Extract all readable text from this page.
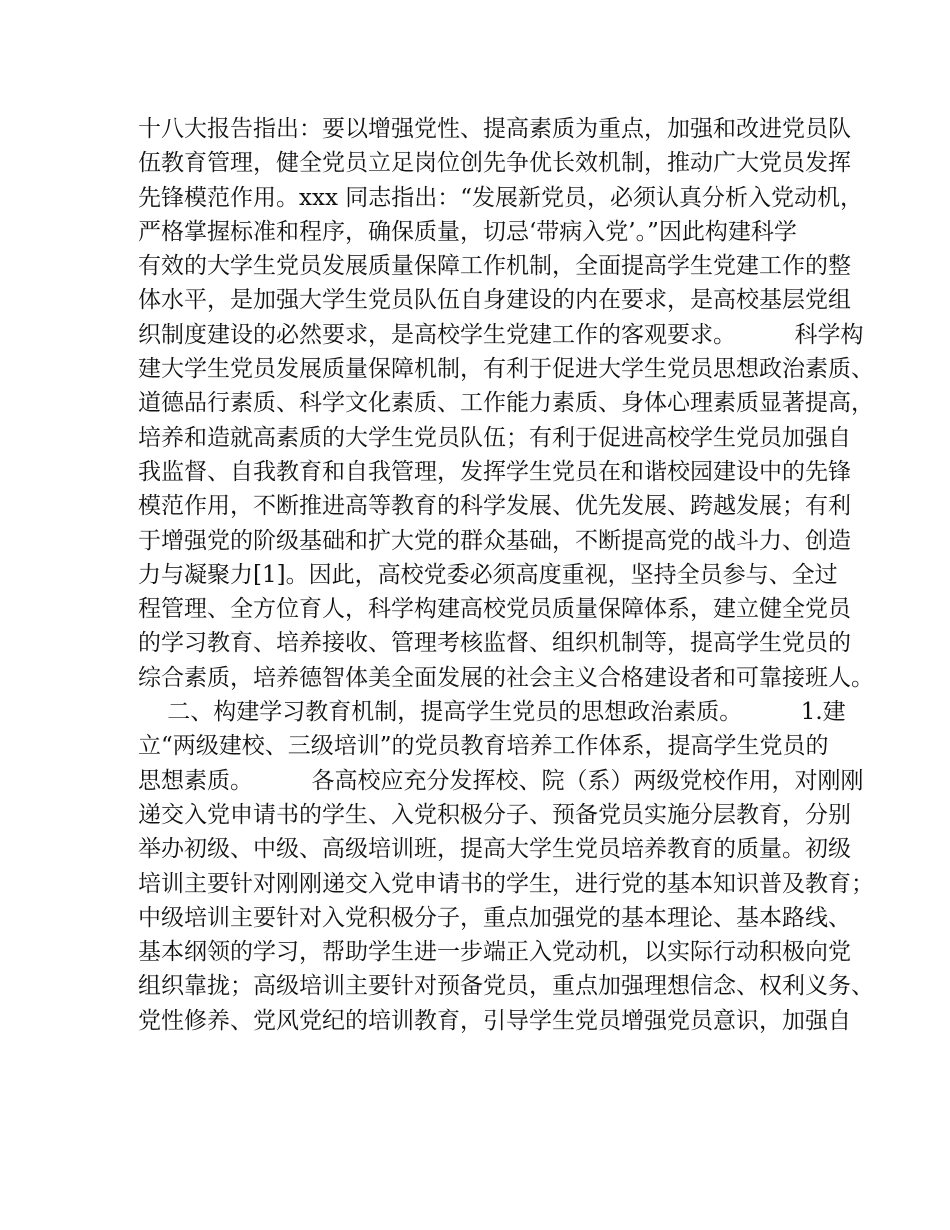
十八大报告指出：要以增强党性、提高素质为重点，加强和改进党员队
伍教育管理，健全党员立足岗位创先争优长效机制，推动广大党员发挥
先锋模范作用。xxx 同志指出：“发展新党员，必须认真分析入党动机，
严格掌握标准和程序，确保质量，切忌‘带病入党’。”因此构建科学
有效的大学生党员发展质量保障工作机制，全面提高学生党建工作的整
体水平，是加强大学生党员队伍自身建设的内在要求，是高校基层党组
织制度建设的必然要求，是高校学生党建工作的客观要求。        科学构
建大学生党员发展质量保障机制，有利于促进大学生党员思想政治素质、
道德品行素质、科学文化素质、工作能力素质、身体心理素质显著提高，
培养和造就高素质的大学生党员队伍；有利于促进高校学生党员加强自
我监督、自我教育和自我管理，发挥学生党员在和谐校园建设中的先锋
模范作用，不断推进高等教育的科学发展、优先发展、跨越发展；有利
于增强党的阶级基础和扩大党的群众基础，不断提高党的战斗力、创造
力与凝聚力[1]。因此，高校党委必须高度重视，坚持全员参与、全过
程管理、全方位育人，科学构建高校党员质量保障体系，建立健全党员
的学习教育、培养接收、管理考核监督、组织机制等，提高学生党员的
综合素质，培养德智体美全面发展的社会主义合格建设者和可靠接班人。
二、构建学习教育机制，提高学生党员的思想政治素质。        1.建
立“两级建校、三级培训”的党员教育培养工作体系，提高学生党员的
思想素质。        各高校应充分发挥校、院（系）两级党校作用，对刚刚
递交入党申请书的学生、入党积极分子、预备党员实施分层教育，分别
举办初级、中级、高级培训班，提高大学生党员培养教育的质量。初级
培训主要针对刚刚递交入党申请书的学生，进行党的基本知识普及教育；
中级培训主要针对入党积极分子，重点加强党的基本理论、基本路线、
基本纲领的学习，帮助学生进一步端正入党动机，以实际行动积极向党
组织靠拢；高级培训主要针对预备党员，重点加强理想信念、权利义务、
党性修养、党风党纪的培训教育，引导学生党员增强党员意识，加强自
